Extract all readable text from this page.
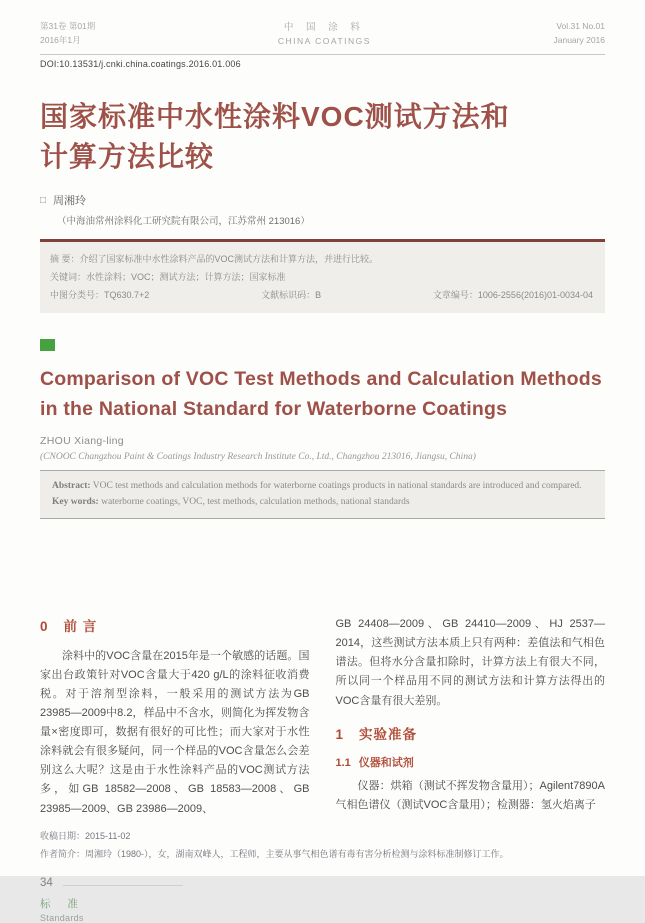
第31卷 第01期
2016年1月
中 国 涂 料
CHINA COATINGS
Vol.31 No.01
January 2016
DOI:10.13531/j.cnki.china.coatings.2016.01.006
国家标准中水性涂料VOC测试方法和
计算方法比较
□ 周湘玲
（中海油常州涂料化工研究院有限公司，江苏常州 213016）
摘 要：介绍了国家标准中水性涂料产品的VOC测试方法和计算方法，并进行比较。
关键词：水性涂料；VOC；测试方法；计算方法；国家标准
中图分类号：TQ630.7+2	文献标识码：B	文章编号：1006-2556(2016)01-0034-04
Comparison of VOC Test Methods and Calculation Methods
in the National Standard for Waterborne Coatings
ZHOU Xiang-ling
(CNOOC Changzhou Paint & Coatings Industry Research Institute Co., Ltd., Changzhou 213016, Jiangsu, China)
Abstract: VOC test methods and calculation methods for waterborne coatings products in national standards are introduced and compared.
Key words: waterborne coatings, VOC, test methods, calculation methods, national standards
0 前 言

涂料中的VOC含量在2015年是一个敏感的话题。国家出台政策针对VOC含量大于420 g/L的涂料征收消费税。对于溶剂型涂料，一般采用的测试方法为GB 23985—2009中8.2，样品中不含水，则简化为挥发物含量×密度即可，数据有很好的可比性；而大家对于水性涂料就会有很多疑问，同一个样品的VOC含量怎么会差别这么大呢？这是由于水性涂料产品的VOC测试方法多，如GB 18582—2008、GB 18583—2008、GB 23985—2009、GB 23986—2009、

GB 24408—2009、GB 24410—2009、HJ 2537—2014，这些测试方法本质上只有两种：差值法和气相色谱法。但将水分含量扣除时，计算方法上有很大不同，所以同一个样品用不同的测试方法和计算方法得出的VOC含量有很大差别。

1 实验准备
1.1 仪器和试剂

仪器：烘箱（测试不挥发物含量用）；Agilent7890A气相色谱仪（测试VOC含量用）；检测器：氢火焰离子

收稿日期：2015-11-02
作者简介：周湘玲（1980-），女，湖南双峰人，工程师，主要从事气相色谱有毒有害分析检测与涂料标准制修订工作。
34
标 准
Standards
